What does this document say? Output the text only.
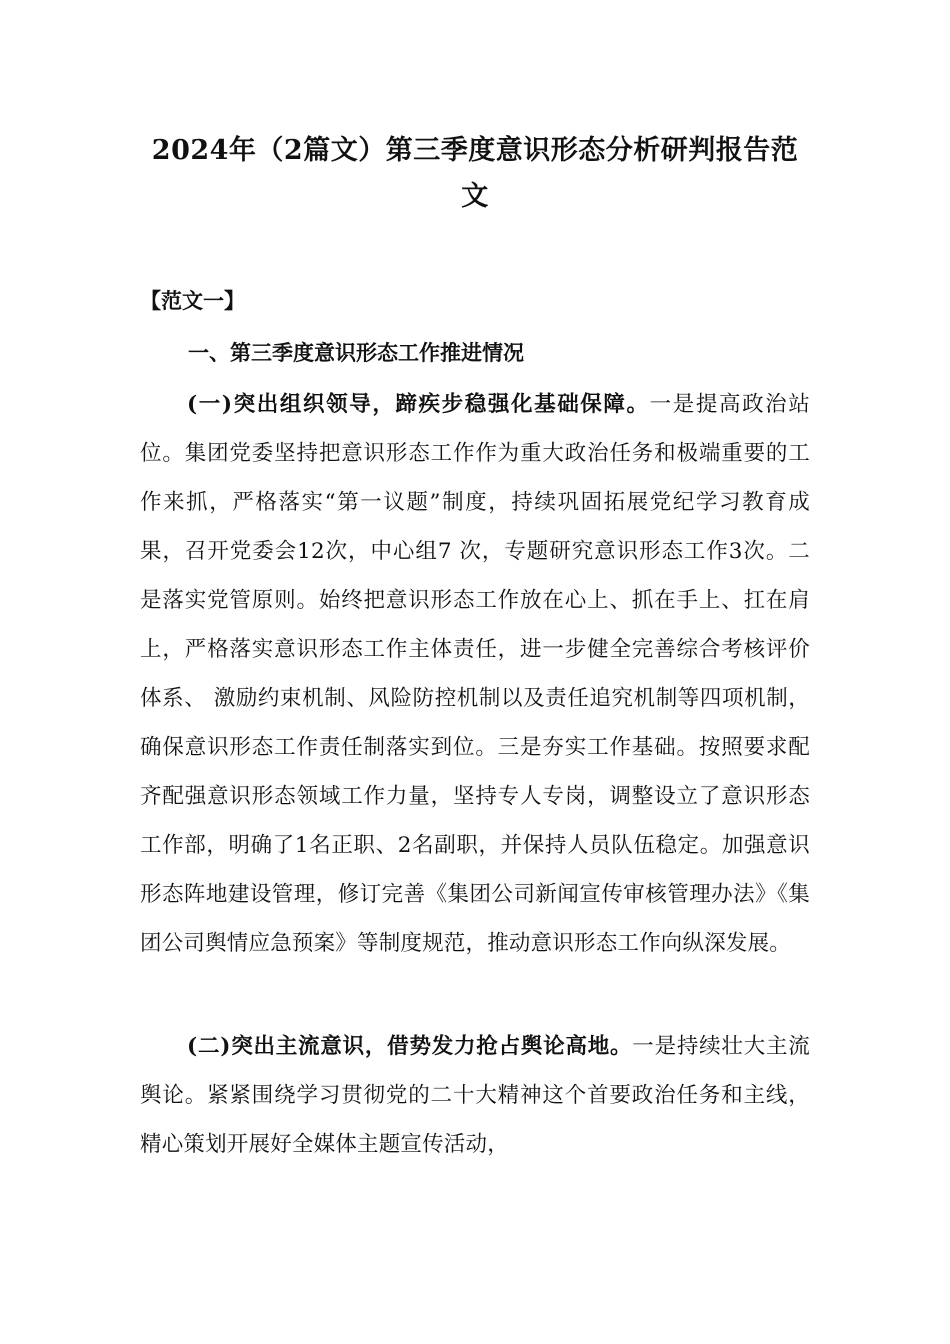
2024年（2篇文）第三季度意识形态分析研判报告范
文
【范文一】
一、第三季度意识形态工作推进情况

(一)突出组织领导，蹄疾步稳强化基础保障。一是提高政治站位。集团党委坚持把意识形态工作作为重大政治任务和极端重要的工作来抓，严格落实“第一议题”制度，持续巩固拓展党纪学习教育成果，召开党委会12次，中心组7 次，专题研究意识形态工作3次。二是落实党管原则。始终把意识形态工作放在心上、抓在手上、扛在肩上，严格落实意识形态工作主体责任，进一步健全完善综合考核评价体系、 激励约束机制、风险防控机制以及责任追究机制等四项机制， 确保意识形态工作责任制落实到位。三是夯实工作基础。按照要求配齐配强意识形态领域工作力量，坚持专人专岗，调整设立了意识形态工作部，明确了1名正职、2名副职，并保持人员队伍稳定。加强意识形态阵地建设管理，修订完善《集团公司新闻宣传审核管理办法》《集团公司舆情应急预案》等制度规范，推动意识形态工作向纵深发展。

(二)突出主流意识，借势发力抢占舆论高地。一是持续壮大主流舆论。紧紧围绕学习贯彻党的二十大精神这个首要政治任务和主线，精心策划开展好全媒体主题宣传活动，
